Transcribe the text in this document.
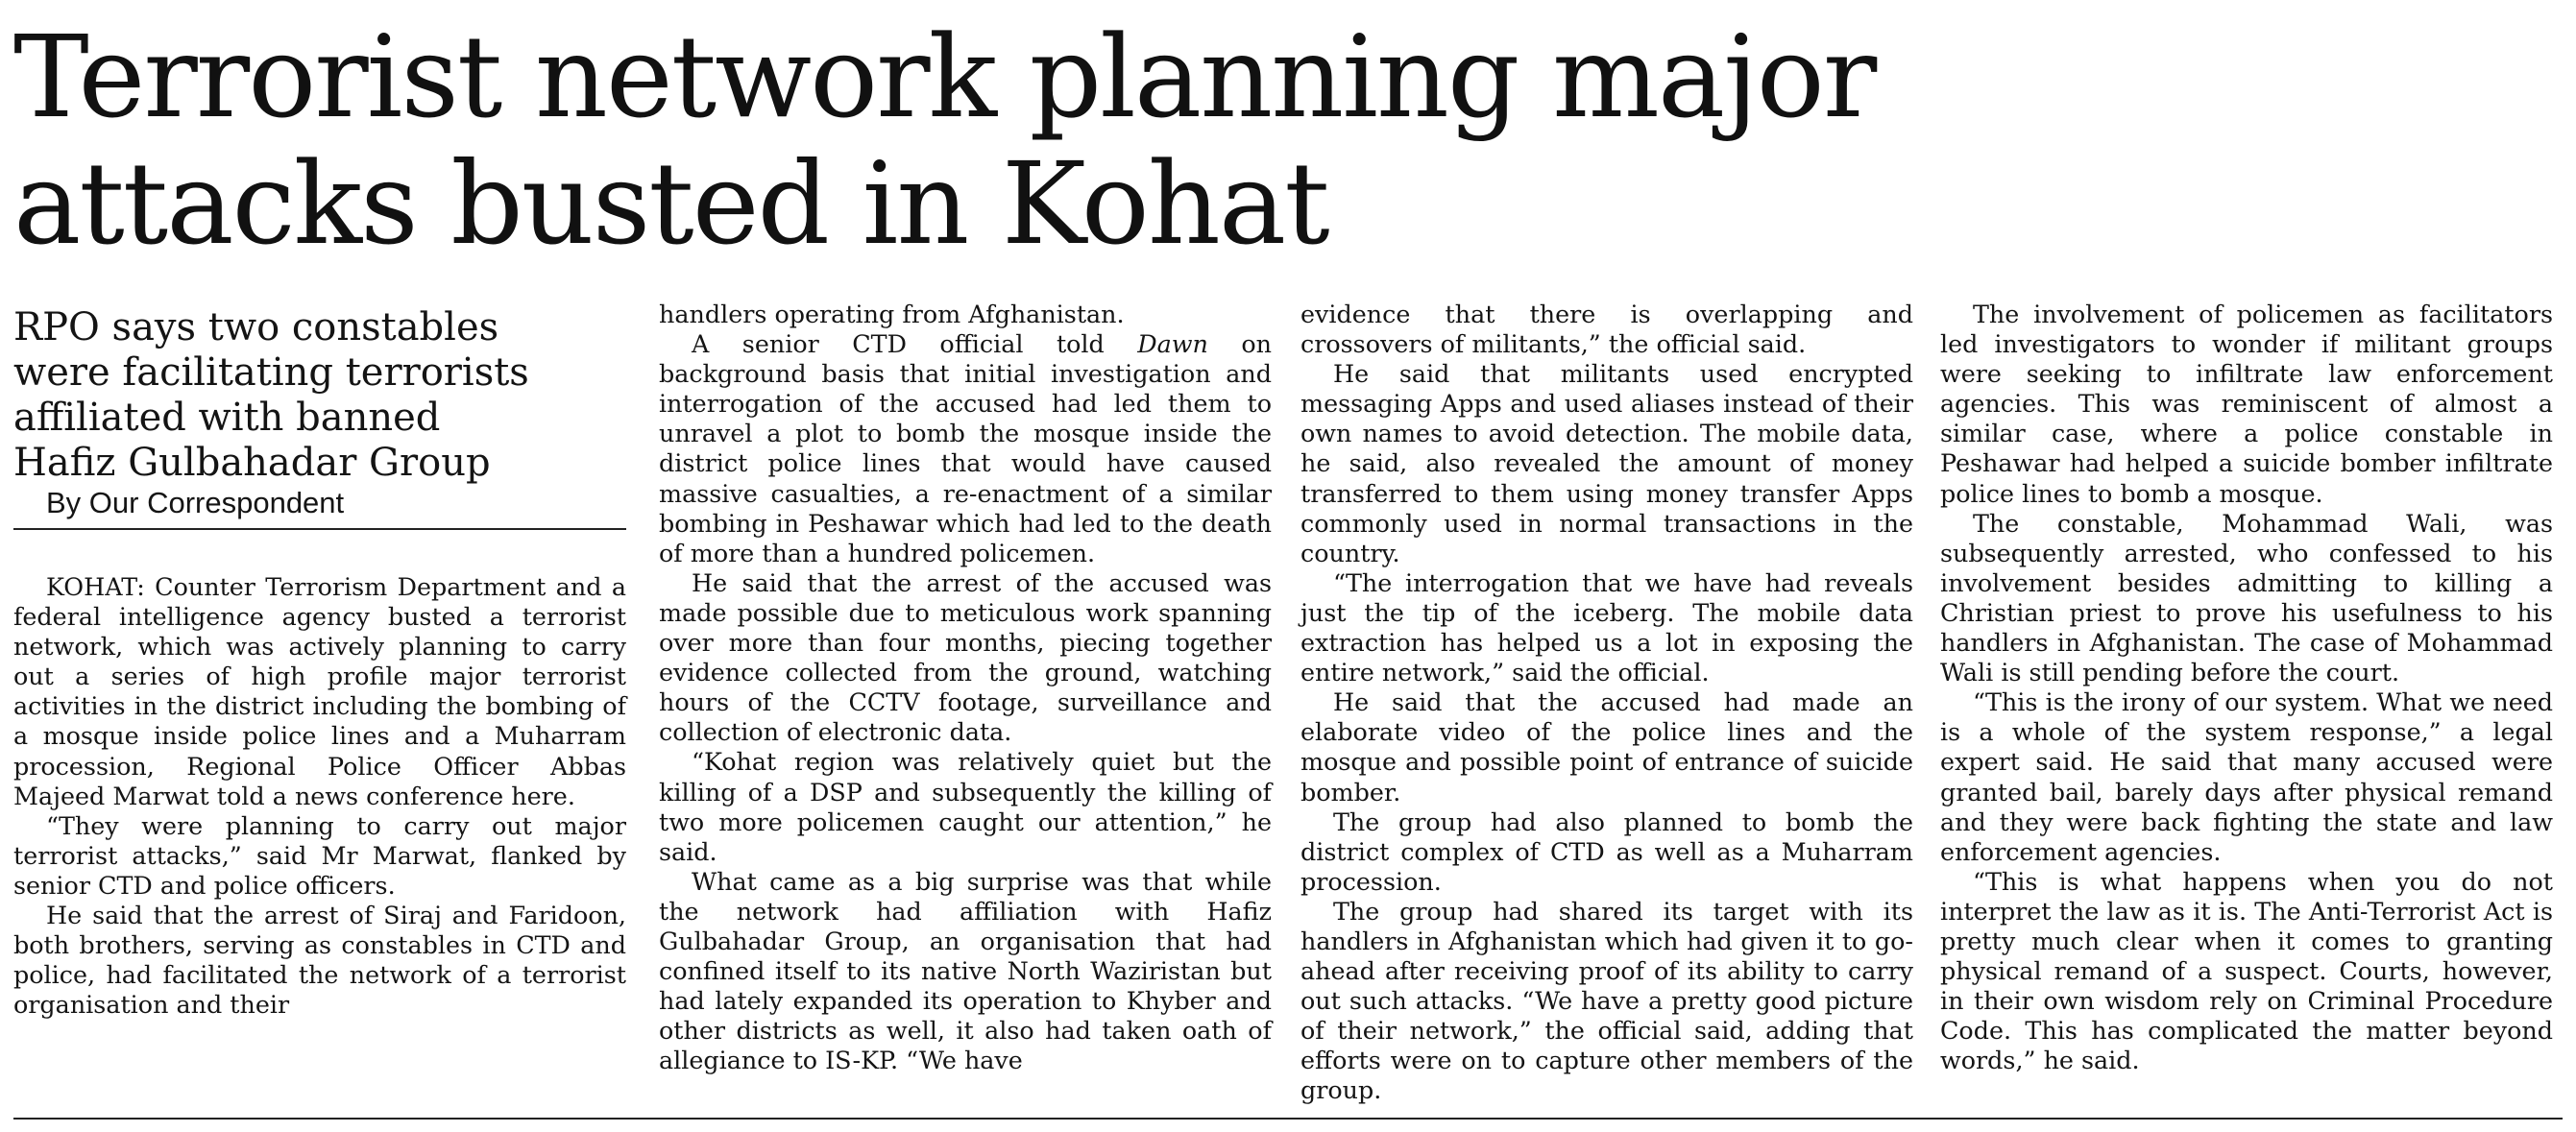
Terrorist network planning major
attacks busted in Kohat
RPO says two constables
were facilitating terrorists
affiliated with banned
Hafiz Gulbahadar Group

By Our Correspondent

KOHAT: Counter Terrorism Department and a federal intelligence agency busted a terrorist network, which was actively planning to carry out a series of high profile major terrorist activities in the district including the bombing of a mosque inside police lines and a Muharram procession, Regional Police Officer Abbas Majeed Marwat told a news conference here.

“They were planning to carry out major terrorist attacks,” said Mr Marwat, flanked by senior CTD and police officers.

He said that the arrest of Siraj and Faridoon, both brothers, serving as constables in CTD and police, had facilitated the network of a terrorist organisation and their

handlers operating from Afghanistan.

A senior CTD official told Dawn on background basis that initial investigation and interrogation of the accused had led them to unravel a plot to bomb the mosque inside the district police lines that would have caused massive casualties, a re-enactment of a similar bombing in Peshawar which had led to the death of more than a hundred policemen.

He said that the arrest of the accused was made possible due to meticulous work spanning over more than four months, piecing together evidence collected from the ground, watching hours of the CCTV footage, surveillance and collection of electronic data.

“Kohat region was relatively quiet but the killing of a DSP and subsequently the killing of two more policemen caught our attention,” he said.

What came as a big surprise was that while the network had affiliation with Hafiz Gulbahadar Group, an organisation that had confined itself to its native North Waziristan but had lately expanded its operation to Khyber and other districts as well, it also had taken oath of allegiance to IS-KP. “We have

evidence that there is overlapping and crossovers of militants,” the official said.

He said that militants used encrypted messaging Apps and used aliases instead of their own names to avoid detection. The mobile data, he said, also revealed the amount of money transferred to them using money transfer Apps commonly used in normal transactions in the country.

“The interrogation that we have had reveals just the tip of the iceberg. The mobile data extraction has helped us a lot in exposing the entire network,” said the official.

He said that the accused had made an elaborate video of the police lines and the mosque and possible point of entrance of suicide bomber.

The group had also planned to bomb the district complex of CTD as well as a Muharram procession.

The group had shared its target with its handlers in Afghanistan which had given it to go-ahead after receiving proof of its ability to carry out such attacks. “We have a pretty good picture of their network,” the official said, adding that efforts were on to capture other members of the group.

The involvement of policemen as facilitators led investigators to wonder if militant groups were seeking to infiltrate law enforcement agencies. This was reminiscent of almost a similar case, where a police constable in Peshawar had helped a suicide bomber infiltrate police lines to bomb a mosque.

The constable, Mohammad Wali, was subsequently arrested, who confessed to his involvement besides admitting to killing a Christian priest to prove his usefulness to his handlers in Afghanistan. The case of Mohammad Wali is still pending before the court.

“This is the irony of our system. What we need is a whole of the system response,” a legal expert said. He said that many accused were granted bail, barely days after physical remand and they were back fighting the state and law enforcement agencies.

“This is what happens when you do not interpret the law as it is. The Anti-Terrorist Act is pretty much clear when it comes to granting physical remand of a suspect. Courts, however, in their own wisdom rely on Criminal Procedure Code. This has complicated the matter beyond words,” he said.
